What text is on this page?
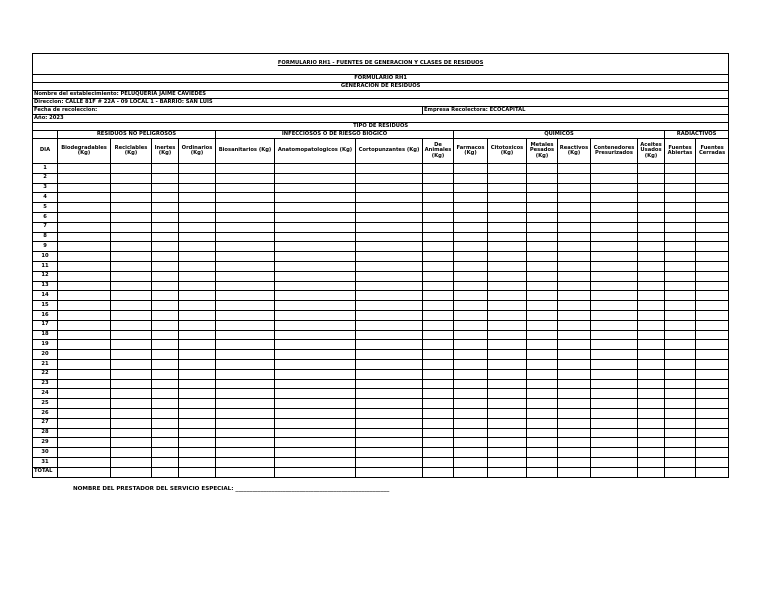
FORMULARIO RH1 - FUENTES DE GENERACION Y CLASES DE RESIDUOS																
FORMULARIO RH1																
GENERACION DE RESIDUOS																
Nombre del establecimiento: PELUQUERIA JAIME CAVIEDES																
Direccion: CALLE 81F # 22A - 09 LOCAL 1 - BARRIO: SAN LUIS																
Fecha de recoleccion:								Empresa Recolectora: ECOCAPITAL								
Año: 2023																
TIPO DE RESIDUOS																
	RESIDUOS NO PELIGROSOS				INFECCIOSOS O DE RIESGO BIOGICO				QUIMICOS						RADIACTIVOS	
DIA	Biodegradables (Kg)	Reciclables (Kg)	Inertes (Kg)	Ordinarios (Kg)	Biosanitarios (Kg)	Anatomopatologicos (Kg)	Cortopunzantes (Kg)	De Animales (Kg)	Farmacos (Kg)	Citotoxicos (Kg)	Metales Pesados (Kg)	Reactivos (Kg)	Contenedores Presurizados	Aceites Usados (Kg)	Fuentes Abiertas	Fuentes Cerradas
1																
2																
3																
4																
5																
6																
7																
8																
9																
10																
11																
12																
13																
14																
15																
16																
17																
18																
19																
20																
21																
22																
23																
24																
25																
26																
27																
28																
29																
30																
31																
TOTAL																
NOMBRE DEL PRESTADOR DEL SERVICIO ESPECIAL: _______________________________________________________
